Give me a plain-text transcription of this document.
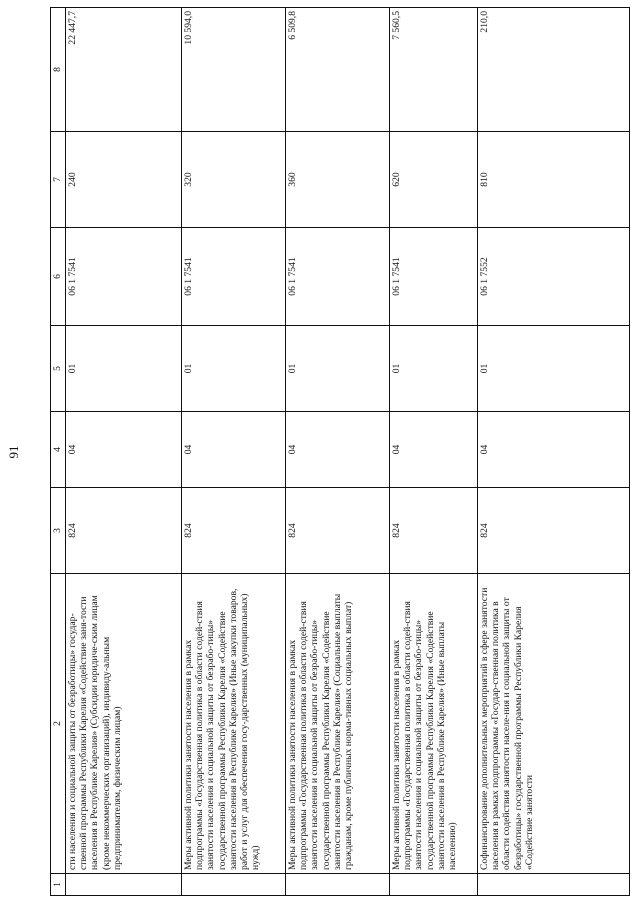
91
1	2	3	4	5	6	7	8
	сти населения и социальной защиты от безработицы» государ-ственной программы Республики Карелия «Содействие заня-тости населения в Республике Карелия» (Субсидии юридиче-ским лицам (кроме некоммерческих организаций), индивиду-альным предпринимателям, физическим лицам)	824	04	01	06 1 7541	240	22 447,7
	Меры активной политики занятости населения в рамках подпрограммы «Государственная политика в области содей-ствия занятости населения и социальной защиты от безрабо-тицы» государственной программы Республики Карелия «Содействие занятости населения в Республике Карелия» (Иные закупки товаров, работ и услуг для обеспечения госу-дарственных (муниципальных) нужд)	824	04	01	06 1 7541	320	10 594,0
	Меры активной политики занятости населения в рамках подпрограммы «Государственная политика в области содей-ствия занятости населения и социальной защиты от безрабо-тицы» государственной программы Республики Карелия «Содействие занятости населения в Республике Карелия» (Социальные выплаты гражданам, кроме публичных норма-тивных социальных выплат)	824	04	01	06 1 7541	360	6 509,8
	Меры активной политики занятости населения в рамках подпрограммы «Государственная политика в области содей-ствия занятости населения и социальной защиты от безрабо-тицы» государственной программы Республики Карелия «Содействие занятости населения в Республике Карелия» (Иные выплаты населению)	824	04	01	06 1 7541	620	7 560,5
	Софинансирование дополнительных мероприятий в сфере занятости населения в рамках подпрограммы «Государ-ственная политика в области содействия занятости населе-ния и социальной защиты от безработицы» государственной программы Республики Карелия «Содействие занятости	824	04	01	06 1 7552	810	210,0
